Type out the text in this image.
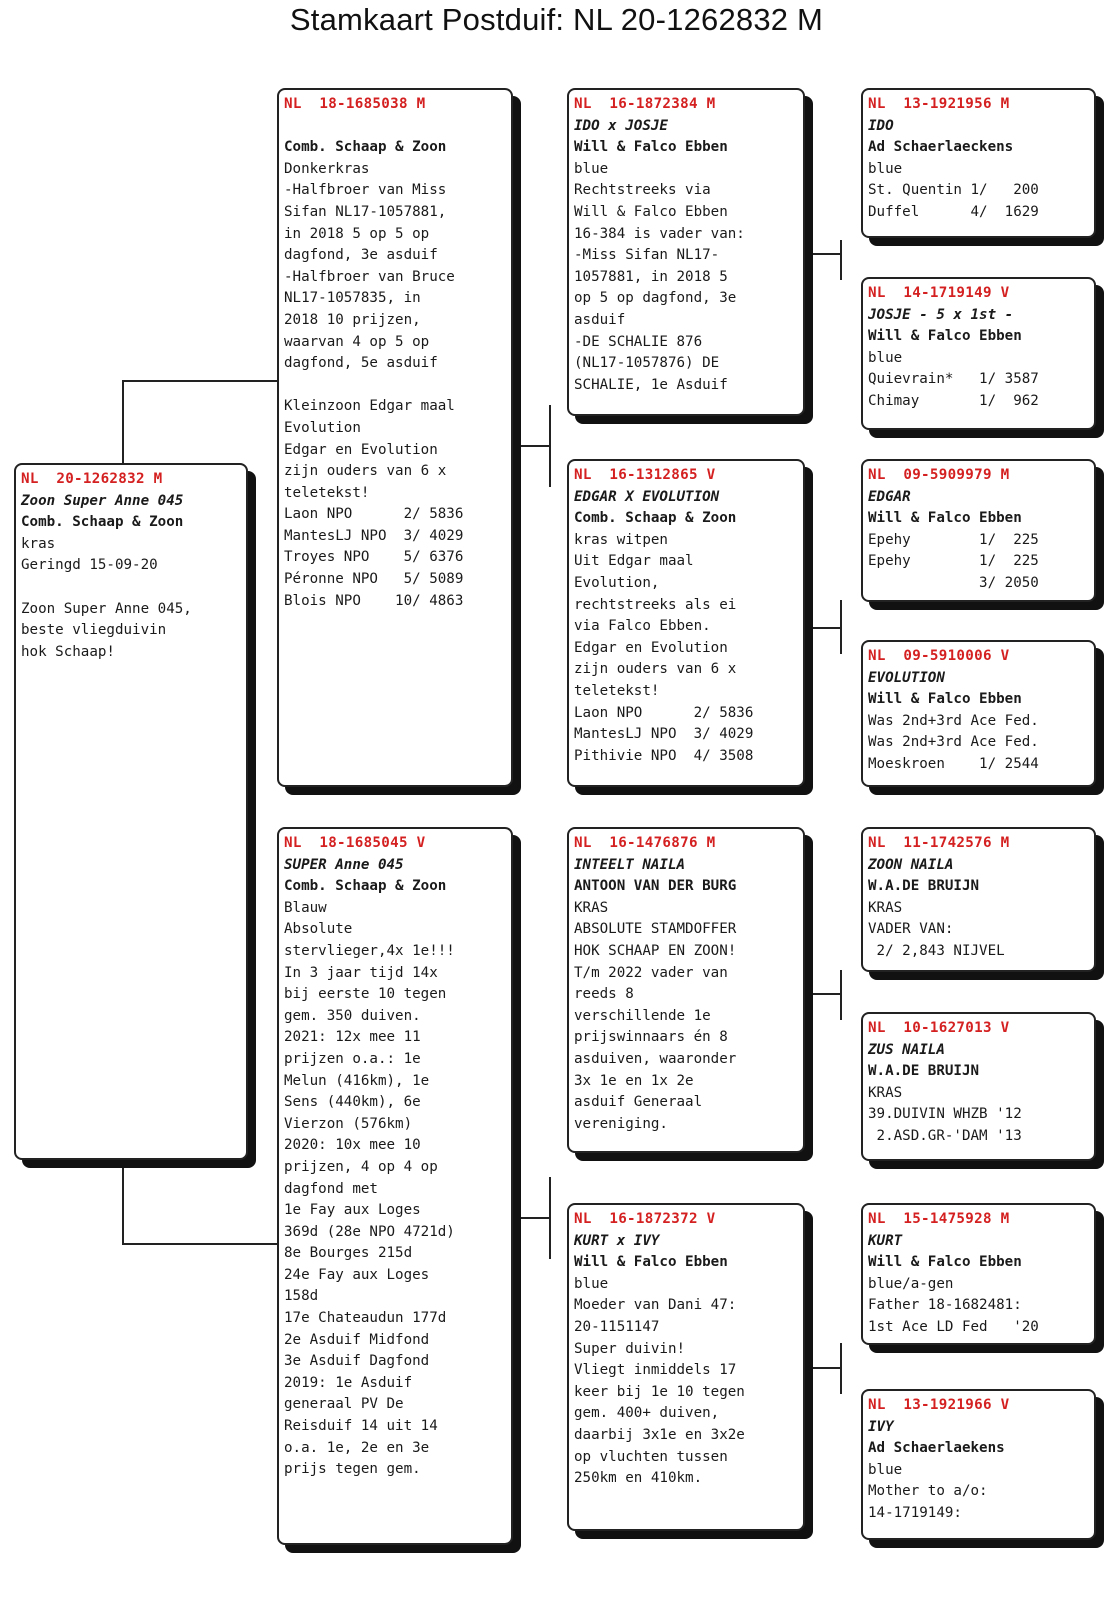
Stamkaart Postduif: NL 20-1262832 M
NL  20-1262832 M
Zoon Super Anne 045
Comb. Schaap & Zoon
kras
Geringd 15-09-20
Zoon Super Anne 045,
beste vliegduivin
hok Schaap!
NL  18-1685038 M
Comb. Schaap & Zoon
Donkerkras
-Halfbroer van Miss
Sifan NL17-1057881,
in 2018 5 op 5 op
dagfond, 3e asduif
-Halfbroer van Bruce
NL17-1057835, in
2018 10 prijzen,
waarvan 4 op 5 op
dagfond, 5e asduif
Kleinzoon Edgar maal
Evolution
Edgar en Evolution
zijn ouders van 6 x
teletekst!
Laon NPO      2/ 5836
MantesLJ NPO  3/ 4029
Troyes NPO    5/ 6376
Péronne NPO   5/ 5089
Blois NPO    10/ 4863
NL  18-1685045 V
SUPER Anne 045
Comb. Schaap & Zoon
Blauw
Absolute
stervlieger,4x 1e!!!
In 3 jaar tijd 14x
bij eerste 10 tegen
gem. 350 duiven.
2021: 12x mee 11
prijzen o.a.: 1e
Melun (416km), 1e
Sens (440km), 6e
Vierzon (576km)
2020: 10x mee 10
prijzen, 4 op 4 op
dagfond met
1e Fay aux Loges
369d (28e NPO 4721d)
8e Bourges 215d
24e Fay aux Loges
158d
17e Chateaudun 177d
2e Asduif Midfond
3e Asduif Dagfond
2019: 1e Asduif
generaal PV De
Reisduif 14 uit 14
o.a. 1e, 2e en 3e
prijs tegen gem.
NL  16-1872384 M
IDO x JOSJE
Will & Falco Ebben
blue
Rechtstreeks via
Will & Falco Ebben
16-384 is vader van:
-Miss Sifan NL17-
1057881, in 2018 5
op 5 op dagfond, 3e
asduif
-DE SCHALIE 876
(NL17-1057876) DE
SCHALIE, 1e Asduif
NL  16-1312865 V
EDGAR X EVOLUTION
Comb. Schaap & Zoon
kras witpen
Uit Edgar maal
Evolution,
rechtstreeks als ei
via Falco Ebben.
Edgar en Evolution
zijn ouders van 6 x
teletekst!
Laon NPO      2/ 5836
MantesLJ NPO  3/ 4029
Pithivie NPO  4/ 3508
NL  16-1476876 M
INTEELT NAILA
ANTOON VAN DER BURG
KRAS
ABSOLUTE STAMDOFFER
HOK SCHAAP EN ZOON!
T/m 2022 vader van
reeds 8
verschillende 1e
prijswinnaars én 8
asduiven, waaronder
3x 1e en 1x 2e
asduif Generaal
vereniging.
NL  16-1872372 V
KURT x IVY
Will & Falco Ebben
blue
Moeder van Dani 47:
20-1151147
Super duivin!
Vliegt inmiddels 17
keer bij 1e 10 tegen
gem. 400+ duiven,
daarbij 3x1e en 3x2e
op vluchten tussen
250km en 410km.
NL  13-1921956 M
IDO
Ad Schaerlaeckens
blue
St. Quentin 1/   200
Duffel      4/  1629
NL  14-1719149 V
JOSJE - 5 x 1st -
Will & Falco Ebben
blue
Quievrain*   1/ 3587
Chimay       1/  962
NL  09-5909979 M
EDGAR
Will & Falco Ebben
Epehy        1/  225
Epehy        1/  225
3/ 2050
NL  09-5910006 V
EVOLUTION
Will & Falco Ebben
Was 2nd+3rd Ace Fed.
Was 2nd+3rd Ace Fed.
Moeskroen    1/ 2544
NL  11-1742576 M
ZOON NAILA
W.A.DE BRUIJN
KRAS
VADER VAN:
2/ 2,843 NIJVEL
NL  10-1627013 V
ZUS NAILA
W.A.DE BRUIJN
KRAS
39.DUIVIN WHZB '12
2.ASD.GR-'DAM '13
NL  15-1475928 M
KURT
Will & Falco Ebben
blue/a-gen
Father 18-1682481:
1st Ace LD Fed   '20
NL  13-1921966 V
IVY
Ad Schaerlaekens
blue
Mother to a/o:
14-1719149:
